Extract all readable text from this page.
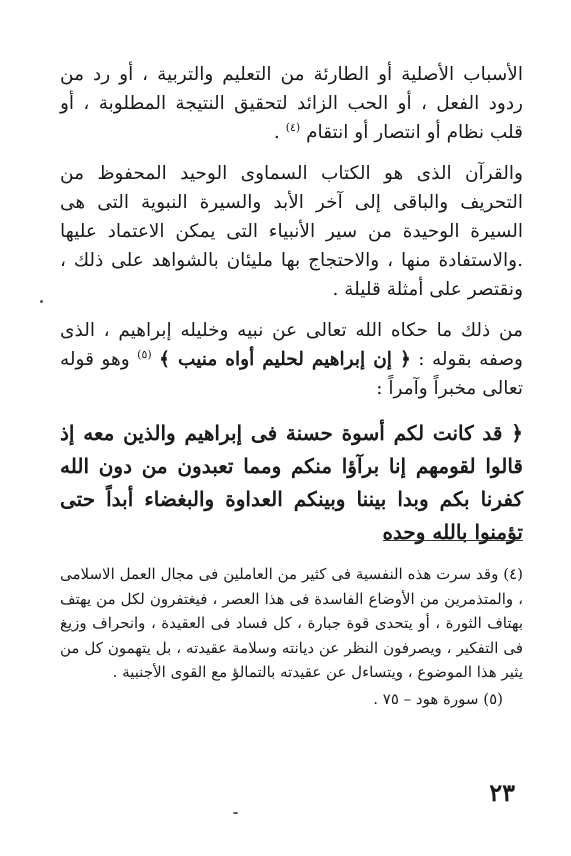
الأسباب الأصلية أو الطارئة من التعليم والتربية ، أو رد من ردود الفعل ، أو الحب الزائد لتحقيق النتيجة المطلوبة ، أو قلب نظام أو انتصار أو انتقام $^{(٤)}$ .

والقرآن الذى هو الكتاب السماوى الوحيد المحفوظ من التحريف والباقى إلى آخر الأبد والسيرة النبوية التى هى السيرة الوحيدة من سير الأنبياء التى يمكن الاعتماد عليها .والاستفادة منها ، والاحتجاج بها مليئان بالشواهد على ذلك ، ونقتصر على أمثلة قليلة .

من ذلك ما حكاه الله تعالى عن نبيه وخليله إبراهيم ، الذى وصفه بقوله : ﴿ إن إبراهيم لحليم أواه منيب ﴾ $^{(٥)}$ وهو قوله تعالى مخبراً وآمراً :

﴿ قد كانت لكم أسوة حسنة فى إبراهيم والذين معه إذ قالوا لقومهم إنا برآؤا منكم ومما تعبدون من دون الله كفرنا بكم وبدا بيننا وبينكم العداوة والبغضاء أبداً حتى تؤمنوا بالله وحده

(٤) وقد سرت هذه النفسية فى كثير من العاملين فى مجال العمل الاسلامى ، والمتذمرين من الأوضاع الفاسدة فى هذا العصر ، فيغتفرون لكل من يهتف بهتاف الثورة ، أو يتحدى قوة جبارة ، كل فساد فى العقيدة ، وانحراف وزيغ فى التفكير ، ويصرفون النظر عن ديانته وسلامة عقيدته ، بل يتهمون كل من يثير هذا الموضوع ، ويتساءل عن عقيدته بالتمالؤ مع القوى الأجنبية .

(٥) سورة هود – ٧٥ .

٢٣
